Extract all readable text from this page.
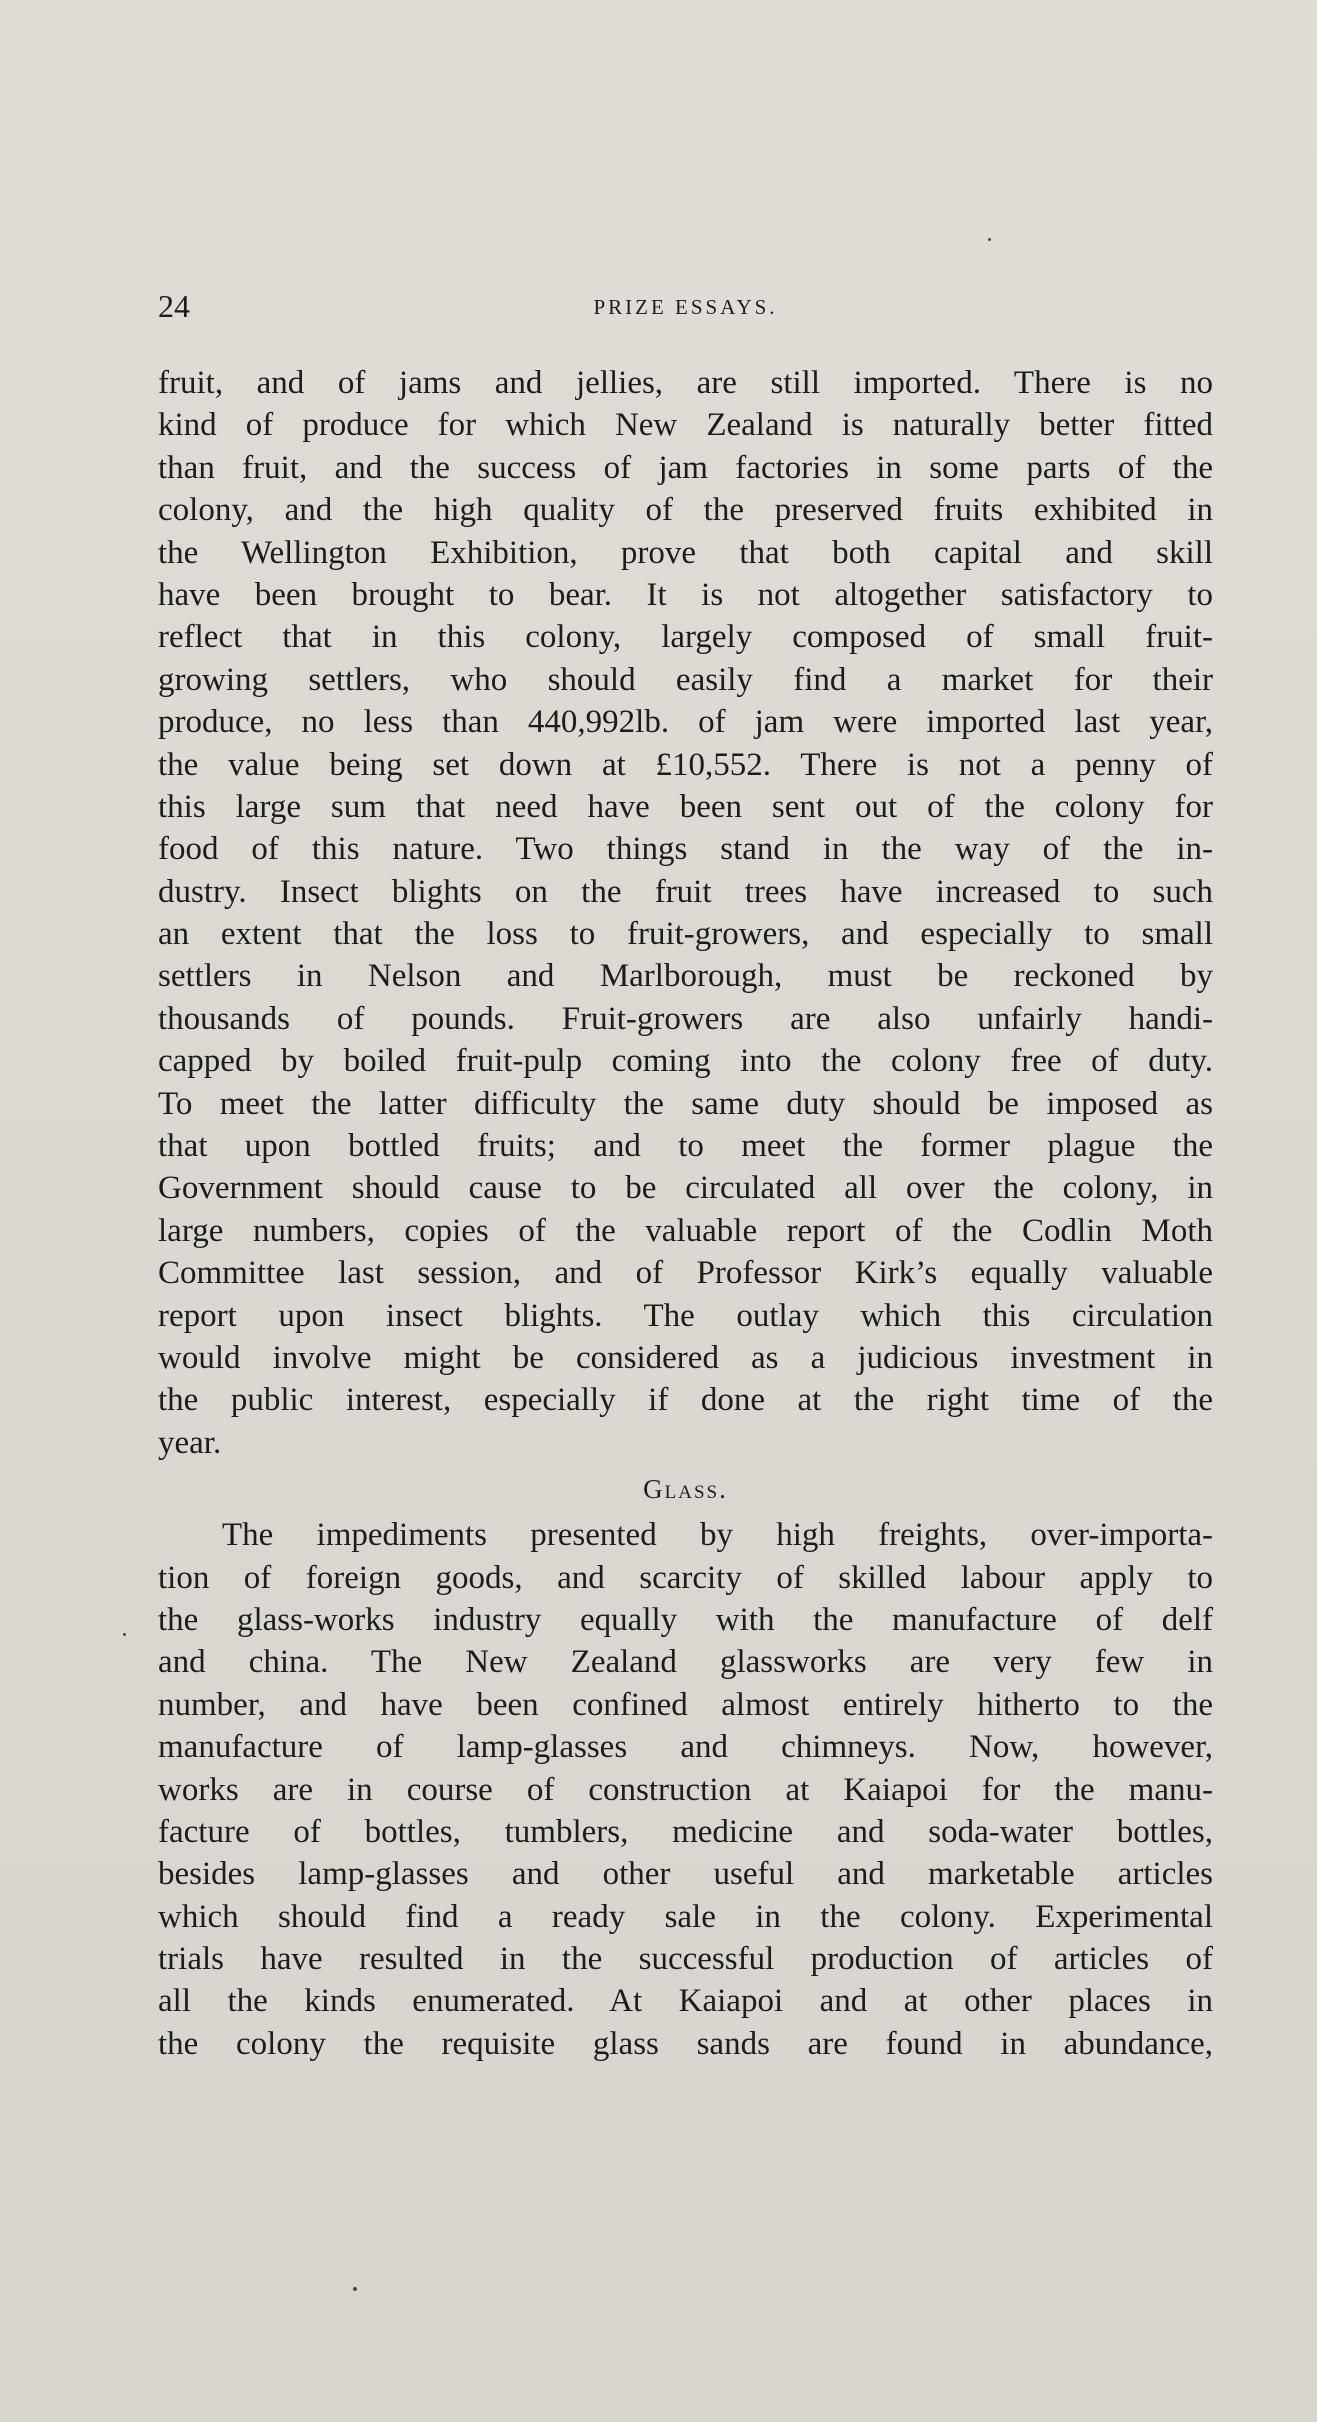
24	PRIZE ESSAYS.
fruit, and of jams and jellies, are still imported. There is no
kind of produce for which New Zealand is naturally better fitted
than fruit, and the success of jam factories in some parts of the
colony, and the high quality of the preserved fruits exhibited in
the Wellington Exhibition, prove that both capital and skill
have been brought to bear. It is not altogether satisfactory to
reflect that in this colony, largely composed of small fruit-
growing settlers, who should easily find a market for their
produce, no less than 440,992lb. of jam were imported last year,
the value being set down at £10,552. There is not a penny of
this large sum that need have been sent out of the colony for
food of this nature. Two things stand in the way of the in-
dustry. Insect blights on the fruit trees have increased to such
an extent that the loss to fruit-growers, and especially to small
settlers in Nelson and Marlborough, must be reckoned by
thousands of pounds. Fruit-growers are also unfairly handi-
capped by boiled fruit-pulp coming into the colony free of duty.
To meet the latter difficulty the same duty should be imposed as
that upon bottled fruits; and to meet the former plague the
Government should cause to be circulated all over the colony, in
large numbers, copies of the valuable report of the Codlin Moth
Committee last session, and of Professor Kirk’s equally valuable
report upon insect blights. The outlay which this circulation
would involve might be considered as a judicious investment in
the public interest, especially if done at the right time of the
year.
Glass.
The impediments presented by high freights, over-importa-
tion of foreign goods, and scarcity of skilled labour apply to
the glass-works industry equally with the manufacture of delf
and china. The New Zealand glassworks are very few in
number, and have been confined almost entirely hitherto to the
manufacture of lamp-glasses and chimneys. Now, however,
works are in course of construction at Kaiapoi for the manu-
facture of bottles, tumblers, medicine and soda-water bottles,
besides lamp-glasses and other useful and marketable articles
which should find a ready sale in the colony. Experimental
trials have resulted in the successful production of articles of
all the kinds enumerated. At Kaiapoi and at other places in
the colony the requisite glass sands are found in abundance,
